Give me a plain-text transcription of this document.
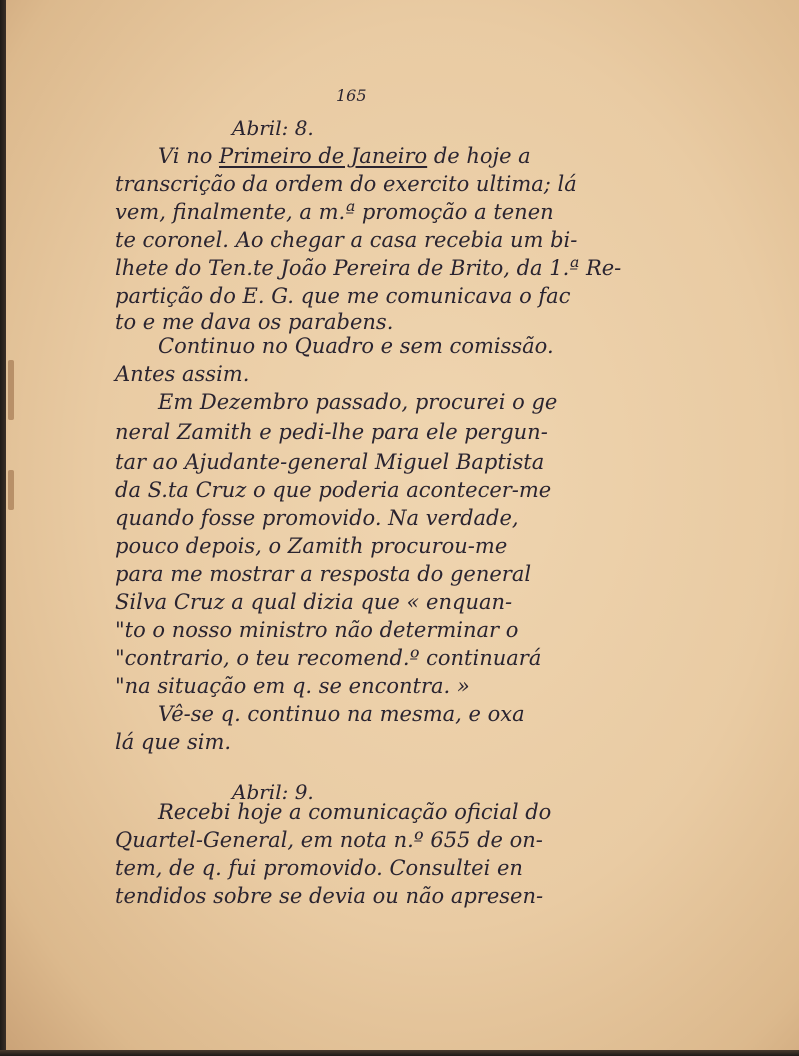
165
Abril: 8.
Vi no Primeiro de Janeiro de hoje a
transcrição da ordem do exercito ultima; lá
vem, finalmente, a m.ª promoção a tenen
te coronel. Ao chegar a casa recebia um bi-
lhete do Ten.te João Pereira de Brito, da 1.ª Re-
partição do E. G. que me comunicava o fac
to e me dava os parabens.
Continuo no Quadro e sem comissão.
Antes assim.
Em Dezembro passado, procurei o ge
neral Zamith e pedi-lhe para ele pergun-
tar ao Ajudante-general Miguel Baptista
da S.ta Cruz o que poderia acontecer-me
quando fosse promovido. Na verdade,
pouco depois, o Zamith procurou-me
para me mostrar a resposta do general
Silva Cruz a qual dizia que « enquan-
"to o nosso ministro não determinar o
"contrario, o teu recomend.º continuará
"na situação em q. se encontra. »
Vê-se q. continuo na mesma, e oxa
lá que sim.
Abril: 9.
Recebi hoje a comunicação oficial do
Quartel-General, em nota n.º 655 de on-
tem, de q. fui promovido. Consultei en
tendidos sobre se devia ou não apresen-
